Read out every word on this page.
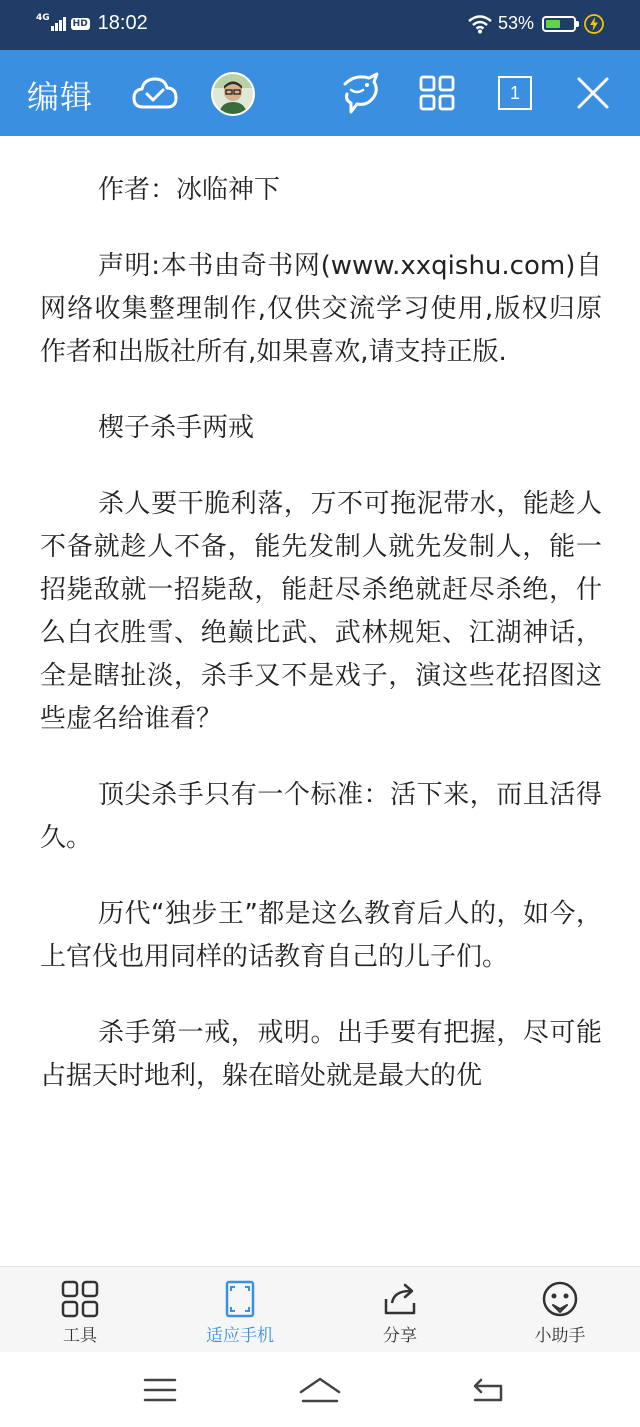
4G
HD 18:02	53%
编辑	1

作者：冰临神下

声明:本书由奇书网(www.xxqishu.com)自网络收集整理制作,仅供交流学习使用,版权归原作者和出版社所有,如果喜欢,请支持正版.

楔子杀手两戒

杀人要干脆利落，万不可拖泥带水，能趁人不备就趁人不备，能先发制人就先发制人，能一招毙敌就一招毙敌，能赶尽杀绝就赶尽杀绝，什么白衣胜雪、绝巅比武、武林规矩、江湖神话，全是瞎扯淡，杀手又不是戏子，演这些花招图这些虚名给谁看？

顶尖杀手只有一个标准：活下来，而且活得久。

历代“独步王”都是这么教育后人的，如今，上官伐也用同样的话教育自己的儿子们。

杀手第一戒，戒明。出手要有把握，尽可能占据天时地利，躲在暗处就是最大的优

工具	适应手机	分享	小助手
